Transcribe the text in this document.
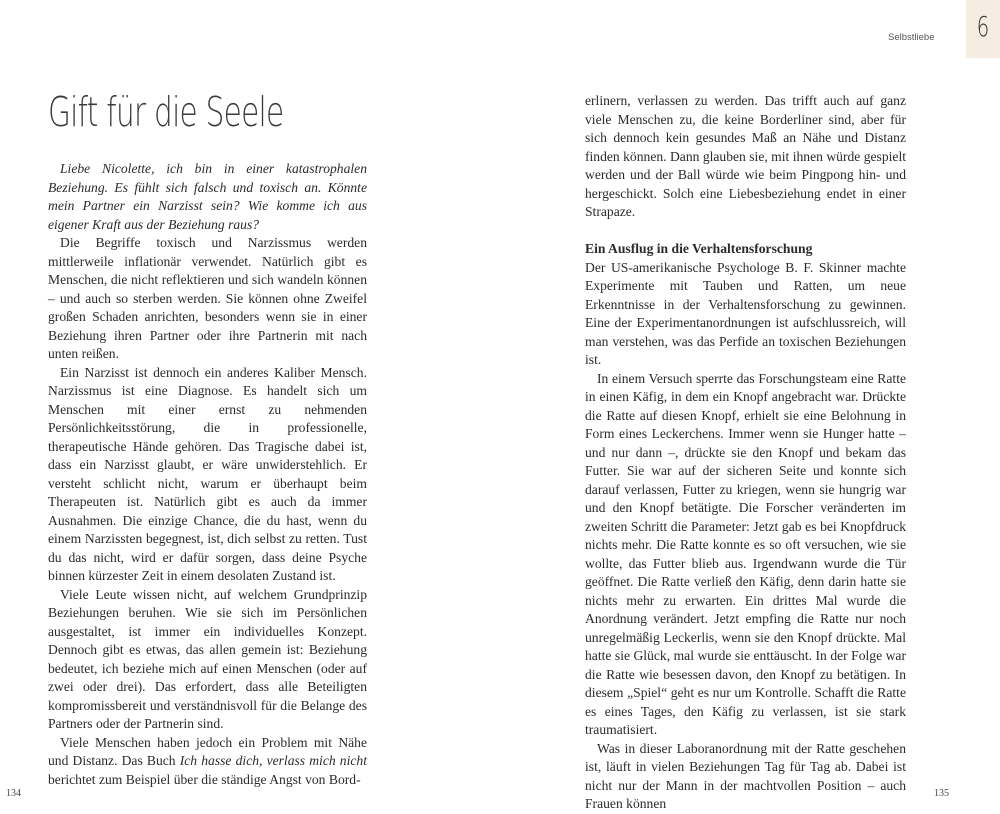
Gift für die Seele

Liebe Nicolette, ich bin in einer katastrophalen Beziehung. Es fühlt sich falsch und toxisch an. Könnte mein Partner ein Narzisst sein? Wie komme ich aus eigener Kraft aus der Beziehung raus?

Die Begriffe toxisch und Narzissmus werden mittlerweile inflationär verwendet. Natürlich gibt es Menschen, die nicht reflektieren und sich wandeln können – und auch so sterben werden. Sie können ohne Zweifel großen Schaden anrichten, besonders wenn sie in einer Beziehung ihren Partner oder ihre Partnerin mit nach unten reißen.

Ein Narzisst ist dennoch ein anderes Kaliber Mensch. Narzissmus ist eine Diagnose. Es handelt sich um Menschen mit einer ernst zu nehmenden Persönlichkeitsstörung, die in professionelle, therapeutische Hände gehören. Das Tragische dabei ist, dass ein Narzisst glaubt, er wäre unwiderstehlich. Er versteht schlicht nicht, warum er überhaupt beim Therapeuten ist. Natürlich gibt es auch da immer Ausnahmen. Die einzige Chance, die du hast, wenn du einem Narzissten begegnest, ist, dich selbst zu retten. Tust du das nicht, wird er dafür sorgen, dass deine Psyche binnen kürzester Zeit in einem desolaten Zustand ist.

Viele Leute wissen nicht, auf welchem Grundprinzip Beziehungen beruhen. Wie sie sich im Persönlichen ausgestaltet, ist immer ein individuelles Konzept. Dennoch gibt es etwas, das allen gemein ist: Beziehung bedeutet, ich beziehe mich auf einen Menschen (oder auf zwei oder drei). Das erfordert, dass alle Beteiligten kompromissbereit und verständnisvoll für die Belange des Partners oder der Partnerin sind.

Viele Menschen haben jedoch ein Problem mit Nähe und Distanz. Das Buch Ich hasse dich, verlass mich nicht berichtet zum Beispiel über die ständige Angst von Bord-

134
Selbstliebe 6

erlinern, verlassen zu werden. Das trifft auch auf ganz viele Menschen zu, die keine Borderliner sind, aber für sich dennoch kein gesundes Maß an Nähe und Distanz finden können. Dann glauben sie, mit ihnen würde gespielt werden und der Ball würde wie beim Pingpong hin- und hergeschickt. Solch eine Liebesbeziehung endet in einer Strapaze.

Ein Ausflug in die Verhaltensforschung

Der US-amerikanische Psychologe B. F. Skinner machte Experimente mit Tauben und Ratten, um neue Erkenntnisse in der Verhaltensforschung zu gewinnen. Eine der Experimentanordnungen ist aufschlussreich, will man verstehen, was das Perfide an toxischen Beziehungen ist.

In einem Versuch sperrte das Forschungsteam eine Ratte in einen Käfig, in dem ein Knopf angebracht war. Drückte die Ratte auf diesen Knopf, erhielt sie eine Belohnung in Form eines Leckerchens. Immer wenn sie Hunger hatte – und nur dann –, drückte sie den Knopf und bekam das Futter. Sie war auf der sicheren Seite und konnte sich darauf verlassen, Futter zu kriegen, wenn sie hungrig war und den Knopf betätigte. Die Forscher veränderten im zweiten Schritt die Parameter: Jetzt gab es bei Knopfdruck nichts mehr. Die Ratte konnte es so oft versuchen, wie sie wollte, das Futter blieb aus. Irgendwann wurde die Tür geöffnet. Die Ratte verließ den Käfig, denn darin hatte sie nichts mehr zu erwarten. Ein drittes Mal wurde die Anordnung verändert. Jetzt empfing die Ratte nur noch unregelmäßig Leckerlis, wenn sie den Knopf drückte. Mal hatte sie Glück, mal wurde sie enttäuscht. In der Folge war die Ratte wie besessen davon, den Knopf zu betätigen. In diesem „Spiel“ geht es nur um Kontrolle. Schafft die Ratte es eines Tages, den Käfig zu verlassen, ist sie stark traumatisiert.

Was in dieser Laboranordnung mit der Ratte geschehen ist, läuft in vielen Beziehungen Tag für Tag ab. Dabei ist nicht nur der Mann in der machtvollen Position – auch Frauen können

135
